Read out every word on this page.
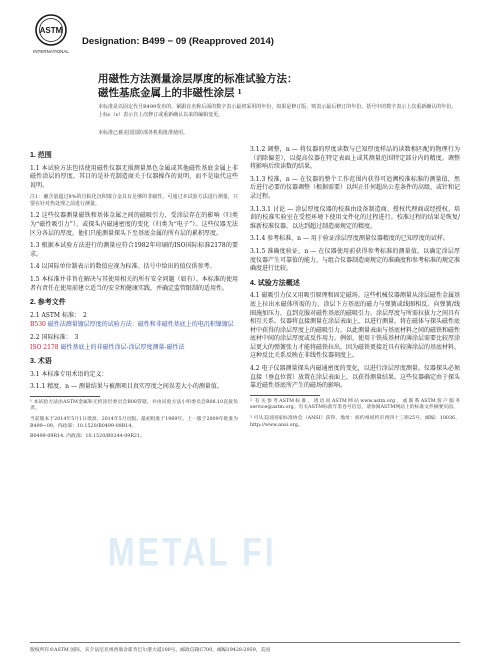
ASTM
INTERNATIONAL
Designation: B499 − 09 (Reapproved 2014)
用磁性方法测量涂层厚度的标准试验方法：
磁性基底金属上的非磁性涂层 $^1$
本标准是以固定代号B499发布的，紧跟在名称后面的数字表示最初采用的年份，如果是修订版，则表示最后修订的年份。括号中的数字表示上次重新确认的年份。上标ε（ε）表示自上次修订或重新确认以来的编辑变更。
本标准已被美国国防部各机构批准使用。
METAL FI
1. 范围

1.1 本试验方法包括使用磁性仪器无损测量黑色金属或其他磁性基底金属上非磁性涂层的厚度。其目的是补充制造商关于仪器操作的说明，而不是取代这些说明。

注1：确含量超过8%的自粘化沉积镍合金具有足够的非磁性，可通过本试验方法进行测量，只要在针对热处理之前进行测量。

1.2 这些仪器测量磁铁和基体金属之间的磁吸引力，受涂层存在的影响（归类为“磁性吸引力”），或探头内磁通密度的变化（归类为“电子”）。这些仪器无法区分各层的厚度，他们只能测量探头下至基底金属的所有层的累积厚度。

1.3 根据本试验方法进行的测量应符合1982年印刷的ISO国际标准2178的要求。

1.4 以国际单位制表示的数值应视为标准。括号中给出的值仅供参考。

1.5 本标准并非旨在解决与其使用相关的所有安全问题（如有）。本标准的使用者有责任在使用前建立适当的安全和健康实践，并确定监管限制的适用性。

2. 参考文件

2.1 ASTM 标准： 2

B530 磁性法测量镀层厚度的试验方法：磁性和非磁性基底上的电沉积镍镀层

2.2 国际标准： 3

ISO 2178 磁性基底上的非磁性涂层-涂层厚度测量-磁性法

3. 术语

3.1 本标准专用术语的定义：

3.1.1 精度，n — 测量结果与被测项目真实厚度之间误差大小的测量值。

¹ 本试验方法由ASTM金属和无机涂层委员会B08管辖，并由试验方法小组委员会B08.10直接负责。

当前版本于2014年5月1日批准。2014年5月出版。最初批准于1969年。上一版于2009年批准为B499−09。内政部：10.1520/B0499-09R14。

B0499-09R14. 内政部：10.1520/B0244-09R21。

3.1.2 调整，n — 将仪器的厚度读数与已知厚度样品的读数相匹配的物理行为（消除偏差），以提高仪器在特定表面上或其测量范围特定部分内的精度。调整将影响后续读数的结果。

3.1.3 校准，n — 在仪器的整个工作范围内获得可追溯校准标准的测量值，然后进行必要的仪器调整（根据需要）以纠正任何超出公差条件的高级、或针和记录过程。

3.1.3.1 讨论 — 涂层厚度仪器的校准由设备制造商、授权代理商或经授权、培训的校准实验室在受控环境下使用文件化的过程进行。校准过程的结果是恢复/维新校准仪器，以达到超过制造商规定的精度。

3.1.4 参考标准，n — 用于验证涂层厚度测量仪器精度的已知厚度的试样。

3.1.5 准确度验证，n — 在仪器使用前获得参考标准的测量值，以确定涂层厚度仪器产生可靠值的能力，与组合仪器制造商规定的准确度和参考标准的规定准确度进行比较。

4. 试验方法概述

4.1 磁吸引力仪又用吸引原理和固定磁场。这些机械仪器测量从涂层磁性金属基底上拉出永磁体所需的力。涂层下方基底的磁力与弹簧或线圈相反。向弹簧/线圈施加压力，直到克服对磁性基底的磁吸引力。涂层厚度与所需拉拔力之间具有相互关系。仪器将直接测量在涂层表面上，以进行测量。将在磁体与探头磁性底材中获得的涂层厚度上的磁吸引力，以此测量表面与基底材料之间的磁铁和磁性底材中间的涂层厚度或反作用力。例如，使用于铁质基材的薄涂层需要比较厚涂层更大的弹簧张力才能将磁铁拉出，因为磁铁更接近具有较薄涂层的基底材料，这种反比关系反映在非线性仪器刻度上。

4.2 电子仪器测量探头内磁通密度的变化，以进行涂层厚度测量。仪器探头必须直接（垂直位置）放置在涂层表面上，以获得测量结果。这些仪器确定由于探头靠近磁性基底所产生的磁场的影响。

² 有关参考ASTM标准，请访问ASTM网站www.astm.org，或联系ASTM客户服务service@astm.org。有关ASTM标准年鉴卷号信息，请参阅ASTM网站上的标准文件摘要页面。

³ 可从美国国家标准协会（ANSI）获得，地址：纽约州纽约市西四十三街25号，邮编：10036，http://www.ansi.org。

版权所有©ASTM 国际，宾夕法尼亚州西康舍霍肯巴尔港大道100号，邮政信箱C700，邮编19428-2959，美国
